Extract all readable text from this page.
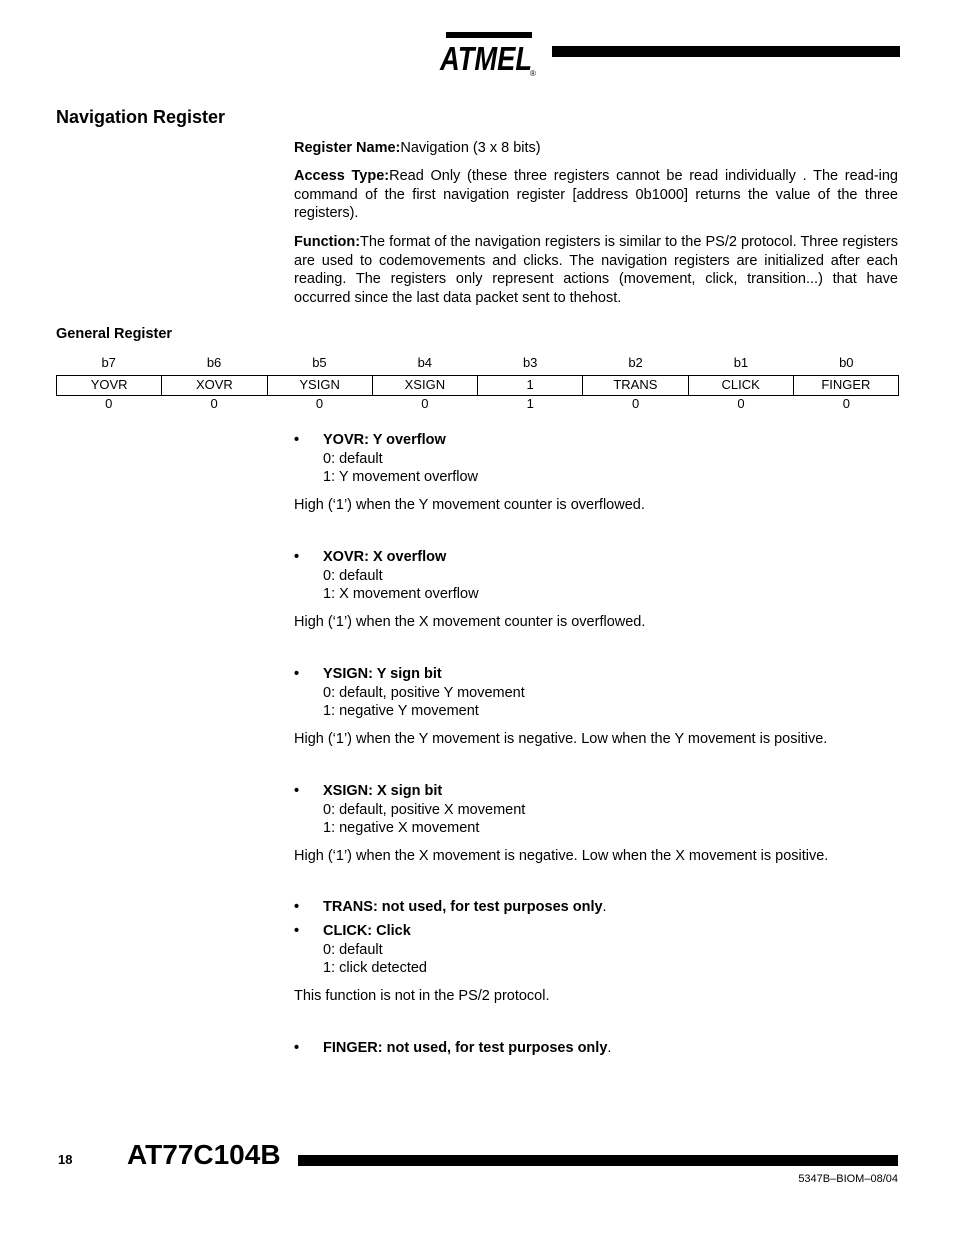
ATMEL
®
Navigation Register
Register Name:Navigation (3 x 8 bits)
Access Type:Read Only (these three registers cannot be read individually . The read-ing command of the first navigation register [address 0b1000] returns the value of the three registers).
Function:The format of the navigation registers is similar to the PS/2 protocol. Three registers are used to codemovements and clicks. The navigation registers are initialized after each reading. The registers only represent actions (movement, click, transition...) that have occurred since the last data packet sent to thehost.
General Register
b7	b6	b5	b4	b3	b2	b1	b0
YOVR	XOVR	YSIGN	XSIGN	1	TRANS	CLICK	FINGER
0	0	0	0	1	0	0	0
• YOVR: Y overflow
0: default
1: Y movement overflow
High (‘1’) when the Y movement counter is overflowed.
• XOVR: X overflow
0: default
1: X movement overflow
High (‘1’) when the X movement counter is overflowed.
• YSIGN: Y sign bit
0: default, positive Y movement
1: negative Y movement
High (‘1’) when the Y movement is negative. Low when the Y movement is positive.
• XSIGN: X sign bit
0: default, positive X movement
1: negative X movement
High (‘1’) when the X movement is negative. Low when the X movement is positive.
• TRANS: not used, for test purposes only.
• CLICK: Click
0: default
1: click detected
This function is not in the PS/2 protocol.
• FINGER: not used, for test purposes only.
18 AT77C104B
5347B–BIOM–08/04
